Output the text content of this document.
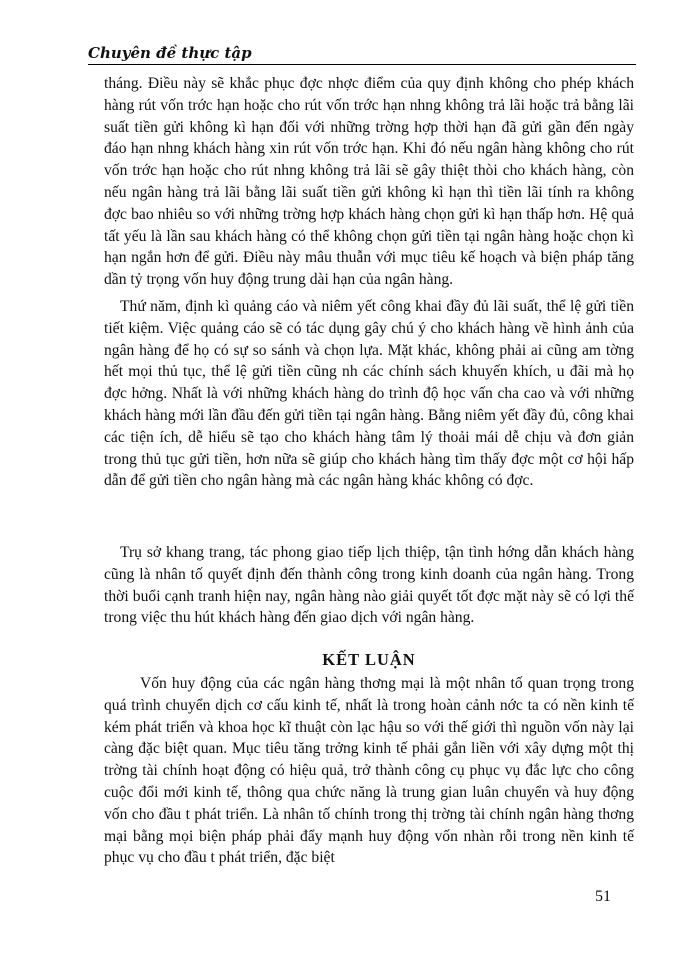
Chuyên đề thực tập

tháng. Điều này sẽ khắc phục đợc nhợc điểm của quy định không cho phép khách hàng rút vốn trớc hạn hoặc cho rút vốn trớc hạn nhng không trả lãi hoặc trả bằng lãi suất tiền gửi không kì hạn đối với những trờng hợp thời hạn đã gửi gần đến ngày đáo hạn nhng khách hàng xin rút vốn trớc hạn. Khi đó nếu ngân hàng không cho rút vốn trớc hạn hoặc cho rút nhng không trả lãi sẽ gây thiệt thòi cho khách hàng, còn nếu ngân hàng trả lãi bằng lãi suất tiền gửi không kì hạn thì tiền lãi tính ra không đợc bao nhiêu so với những trờng hợp khách hàng chọn gửi kì hạn thấp hơn. Hệ quả tất yếu là lần sau khách hàng có thể không chọn gửi tiền tại ngân hàng hoặc chọn kì hạn ngắn hơn để gửi. Điều này mâu thuẫn với mục tiêu kế hoạch và biện pháp tăng dần tỷ trọng vốn huy động trung dài hạn của ngân hàng.

Thứ năm, định kì quảng cáo và niêm yết công khai đầy đủ lãi suất, thể lệ gửi tiền tiết kiệm. Việc quảng cáo sẽ có tác dụng gây chú ý cho khách hàng về hình ảnh của ngân hàng để họ có sự so sánh và chọn lựa. Mặt khác, không phải ai cũng am tờng hết mọi thủ tục, thể lệ gửi tiền cũng nh các chính sách khuyến khích, u đãi mà họ đợc hởng. Nhất là với những khách hàng do trình độ học vấn cha cao và với những khách hàng mới lần đầu đến gửi tiền tại ngân hàng. Bằng niêm yết đầy đủ, công khai các tiện ích, dễ hiểu sẽ tạo cho khách hàng tâm lý thoải mái dễ chịu và đơn giản trong thủ tục gửi tiền, hơn nữa sẽ giúp cho khách hàng tìm thấy đợc một cơ hội hấp dẫn để gửi tiền cho ngân hàng mà các ngân hàng khác không có đợc.

Trụ sở khang trang, tác phong giao tiếp lịch thiệp, tận tình hớng dẫn khách hàng cũng là nhân tố quyết định đến thành công trong kinh doanh của ngân hàng. Trong thời buổi cạnh tranh hiện nay, ngân hàng nào giải quyết tốt đợc mặt này sẽ có lợi thế trong việc thu hút khách hàng đến giao dịch với ngân hàng.

KẾT LUẬN

Vốn huy động của các ngân hàng thơng mại là một nhân tố quan trọng trong quá trình chuyển dịch cơ cấu kinh tế, nhất là trong hoàn cảnh nớc ta có nền kinh tế kém phát triển và khoa học kĩ thuật còn lạc hậu so với thế giới thì nguồn vốn này lại càng đặc biệt quan. Mục tiêu tăng trởng kinh tế phải gắn liền với xây dựng một thị trờng tài chính hoạt động có hiệu quả, trở thành công cụ phục vụ đắc lực cho công cuộc đổi mới kinh tế, thông qua chức năng là trung gian luân chuyển và huy động vốn cho đầu t phát triển. Là nhân tố chính trong thị trờng tài chính ngân hàng thơng mại bằng mọi biện pháp phải đẩy mạnh huy động vốn nhàn rỗi trong nền kinh tế phục vụ cho đầu t phát triển, đặc biệt

51
